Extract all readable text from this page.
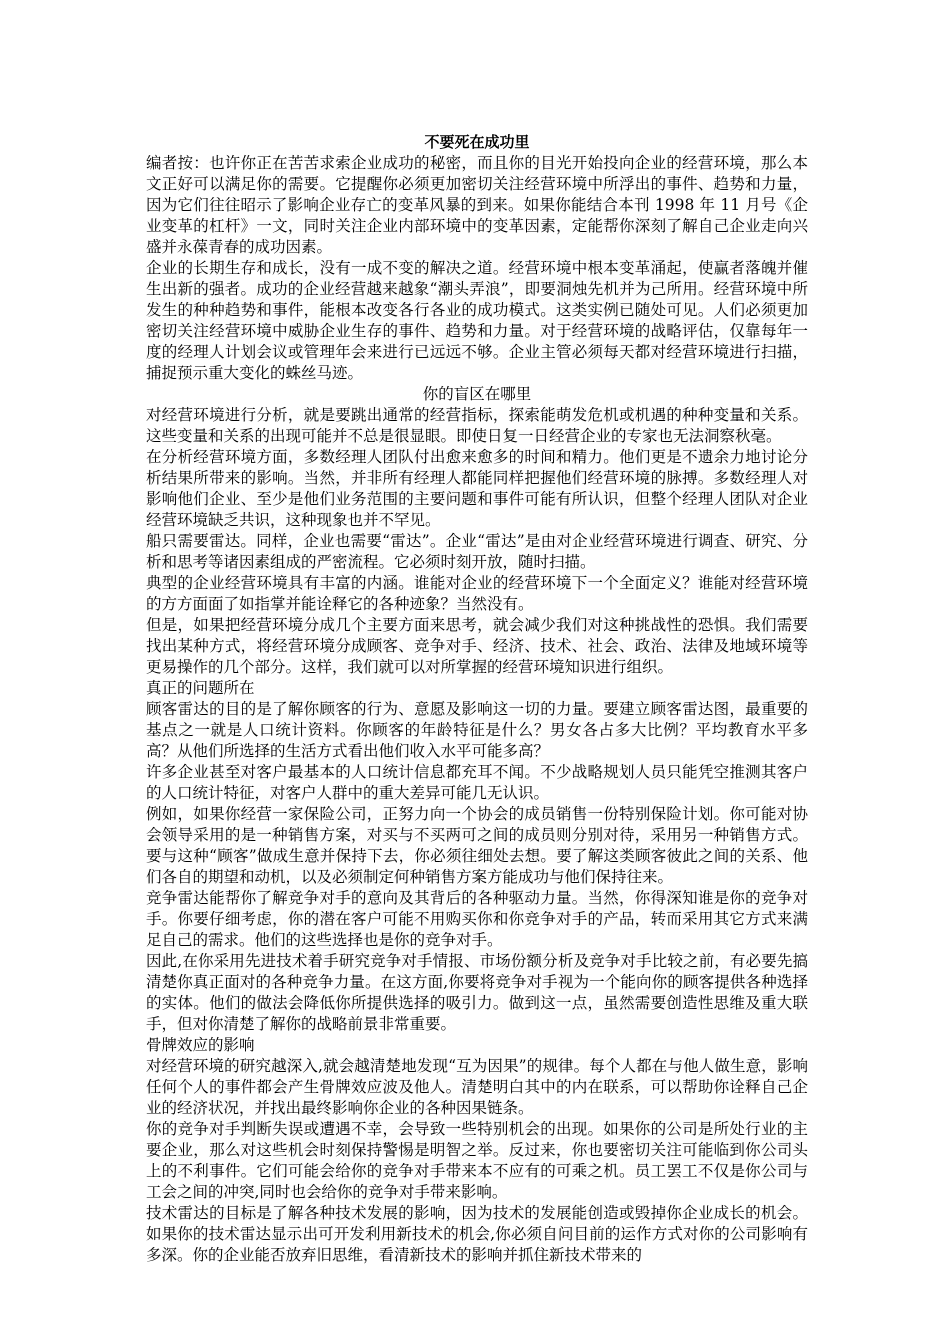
不要死在成功里

编者按：也许你正在苦苦求索企业成功的秘密，而且你的目光开始投向企业的经营环境，那么本文正好可以满足你的需要。它提醒你必须更加密切关注经营环境中所浮出的事件、趋势和力量，因为它们往往昭示了影响企业存亡的变革风暴的到来。如果你能结合本刊 1998 年 11 月号《企业变革的杠杆》一文，同时关注企业内部环境中的变革因素，定能帮你深刻了解自己企业走向兴盛并永葆青春的成功因素。

企业的长期生存和成长，没有一成不变的解决之道。经营环境中根本变革涌起，使赢者落魄并催生出新的强者。成功的企业经营越来越象“潮头弄浪”，即要洞烛先机并为己所用。经营环境中所发生的种种趋势和事件，能根本改变各行各业的成功模式。这类实例已随处可见。人们必须更加密切关注经营环境中威胁企业生存的事件、趋势和力量。对于经营环境的战略评估，仅靠每年一度的经理人计划会议或管理年会来进行已远远不够。企业主管必须每天都对经营环境进行扫描，捕捉预示重大变化的蛛丝马迹。

你的盲区在哪里

对经营环境进行分析，就是要跳出通常的经营指标，探索能萌发危机或机遇的种种变量和关系。这些变量和关系的出现可能并不总是很显眼。即使日复一日经营企业的专家也无法洞察秋毫。

在分析经营环境方面，多数经理人团队付出愈来愈多的时间和精力。他们更是不遗余力地讨论分析结果所带来的影响。当然，并非所有经理人都能同样把握他们经营环境的脉搏。多数经理人对影响他们企业、至少是他们业务范围的主要问题和事件可能有所认识，但整个经理人团队对企业经营环境缺乏共识，这种现象也并不罕见。

船只需要雷达。同样，企业也需要“雷达”。企业“雷达”是由对企业经营环境进行调查、研究、分析和思考等诸因素组成的严密流程。它必须时刻开放，随时扫描。

典型的企业经营环境具有丰富的内涵。谁能对企业的经营环境下一个全面定义？谁能对经营环境的方方面面了如指掌并能诠释它的各种迹象？当然没有。

但是，如果把经营环境分成几个主要方面来思考，就会减少我们对这种挑战性的恐惧。我们需要找出某种方式，将经营环境分成顾客、竞争对手、经济、技术、社会、政治、法律及地域环境等更易操作的几个部分。这样，我们就可以对所掌握的经营环境知识进行组织。

真正的问题所在

顾客雷达的目的是了解你顾客的行为、意愿及影响这一切的力量。要建立顾客雷达图，最重要的基点之一就是人口统计资料。你顾客的年龄特征是什么？男女各占多大比例？平均教育水平多高？从他们所选择的生活方式看出他们收入水平可能多高？

许多企业甚至对客户最基本的人口统计信息都充耳不闻。不少战略规划人员只能凭空推测其客户的人口统计特征，对客户人群中的重大差异可能几无认识。

例如，如果你经营一家保险公司，正努力向一个协会的成员销售一份特别保险计划。你可能对协会领导采用的是一种销售方案，对买与不买两可之间的成员则分别对待，采用另一种销售方式。要与这种“顾客”做成生意并保持下去，你必须往细处去想。要了解这类顾客彼此之间的关系、他们各自的期望和动机，以及必须制定何种销售方案方能成功与他们保持往来。

竞争雷达能帮你了解竞争对手的意向及其背后的各种驱动力量。当然，你得深知谁是你的竞争对手。你要仔细考虑，你的潜在客户可能不用购买你和你竞争对手的产品，转而采用其它方式来满足自己的需求。他们的这些选择也是你的竞争对手。

因此,在你采用先进技术着手研究竞争对手情报、市场份额分析及竞争对手比较之前，有必要先搞清楚你真正面对的各种竞争力量。在这方面,你要将竞争对手视为一个能向你的顾客提供各种选择的实体。他们的做法会降低你所提供选择的吸引力。做到这一点，虽然需要创造性思维及重大联手，但对你清楚了解你的战略前景非常重要。

骨牌效应的影响

对经营环境的研究越深入,就会越清楚地发现“互为因果”的规律。每个人都在与他人做生意，影响任何个人的事件都会产生骨牌效应波及他人。清楚明白其中的内在联系，可以帮助你诠释自己企业的经济状况，并找出最终影响你企业的各种因果链条。

你的竞争对手判断失误或遭遇不幸，会导致一些特别机会的出现。如果你的公司是所处行业的主要企业，那么对这些机会时刻保持警惕是明智之举。反过来，你也要密切关注可能临到你公司头上的不利事件。它们可能会给你的竞争对手带来本不应有的可乘之机。员工罢工不仅是你公司与工会之间的冲突,同时也会给你的竞争对手带来影响。

技术雷达的目标是了解各种技术发展的影响，因为技术的发展能创造或毁掉你企业成长的机会。 如果你的技术雷达显示出可开发利用新技术的机会,你必须自问目前的运作方式对你的公司影响有多深。你的企业能否放弃旧思维，看清新技术的影响并抓住新技术带来的
